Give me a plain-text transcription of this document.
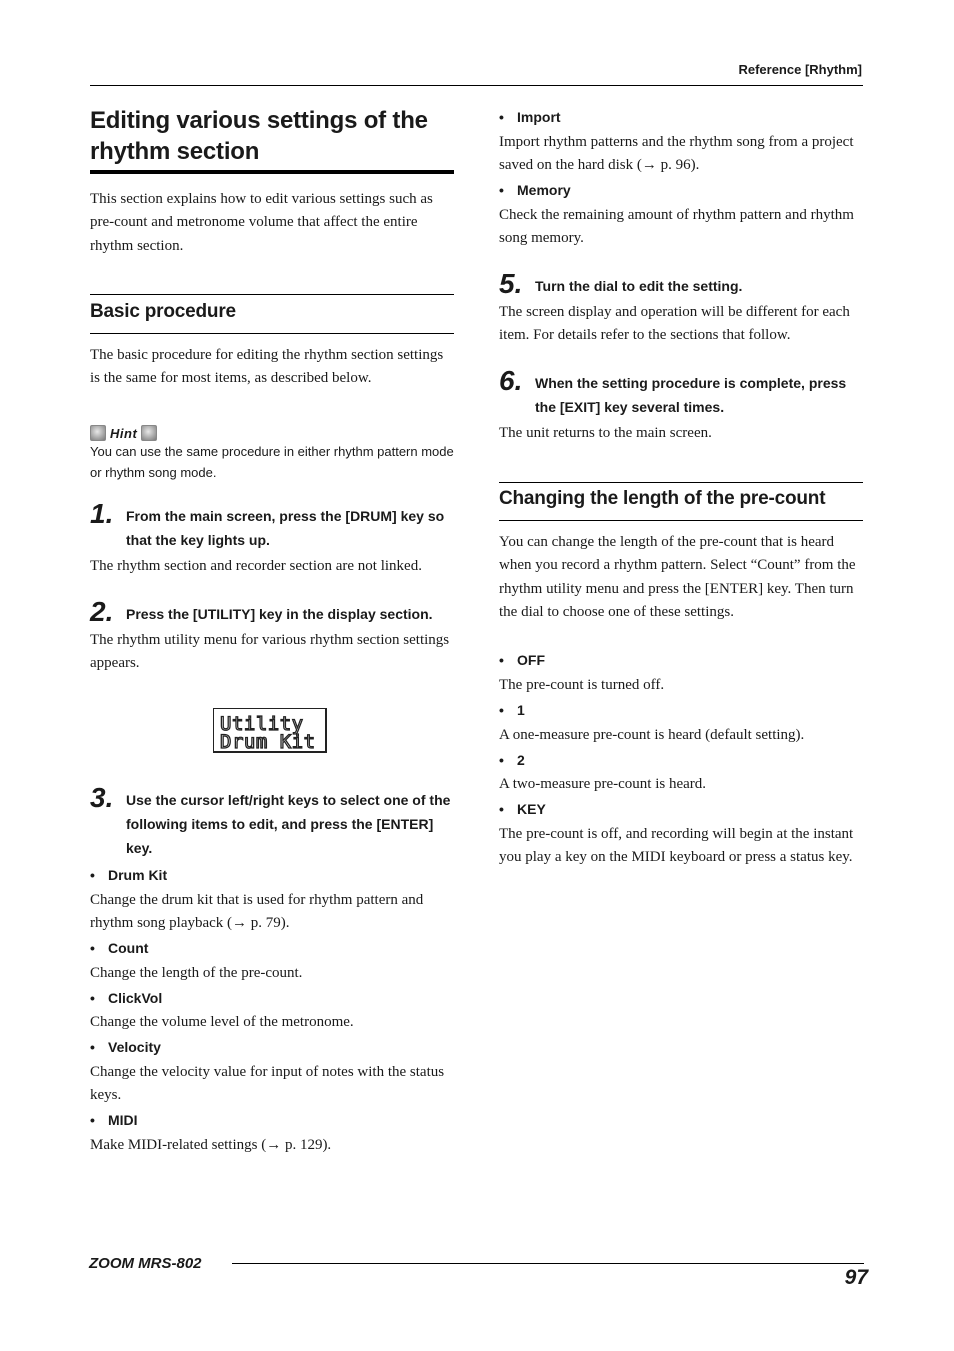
Reference [Rhythm]
Editing various settings of the
rhythm section
This section explains how to edit various settings such as pre-count and metronome volume that affect the entire rhythm section.
Basic procedure
The basic procedure for editing the rhythm section settings is the same for most items, as described below.
Hint
You can use the same procedure in either rhythm pattern mode or rhythm song mode.
1. From the main screen, press the [DRUM] key so that the key lights up.
The rhythm section and recorder section are not linked.
2. Press the [UTILITY] key in the display section.
The rhythm utility menu for various rhythm section settings appears.
Utility
Drum Kit
3. Use the cursor left/right keys to select one of the following items to edit, and press the [ENTER] key.
• Drum Kit
Change the drum kit that is used for rhythm pattern and rhythm song playback (→ p. 79).
• Count
Change the length of the pre-count.
• ClickVol
Change the volume level of the metronome.
• Velocity
Change the velocity value for input of notes with the status keys.
• MIDI
Make MIDI-related settings (→ p. 129).
• Import
Import rhythm patterns and the rhythm song from a project saved on the hard disk (→ p. 96).
• Memory
Check the remaining amount of rhythm pattern and rhythm song memory.
5. Turn the dial to edit the setting.
The screen display and operation will be different for each item. For details refer to the sections that follow.
6. When the setting procedure is complete, press the [EXIT] key several times.
The unit returns to the main screen.
Changing the length of the pre-count
You can change the length of the pre-count that is heard when you record a rhythm pattern. Select “Count” from the rhythm utility menu and press the [ENTER] key. Then turn the dial to choose one of these settings.
• OFF
The pre-count is turned off.
• 1
A one-measure pre-count is heard (default setting).
• 2
A two-measure pre-count is heard.
• KEY
The pre-count is off, and recording will begin at the instant you play a key on the MIDI keyboard or press a status key.
ZOOM MRS-802
97
